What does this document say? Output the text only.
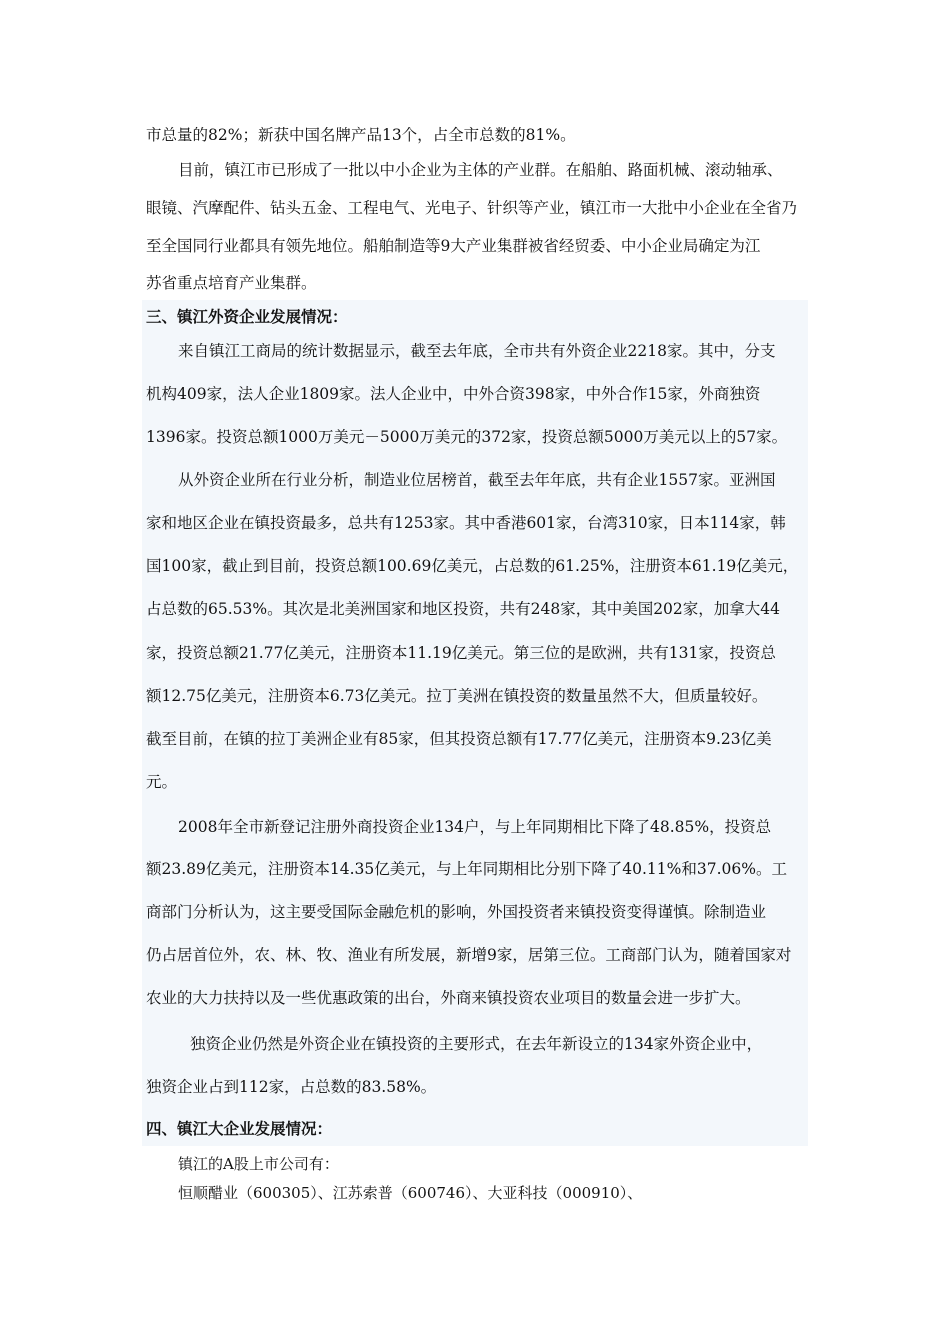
市总量的82%；新获中国名牌产品13个，占全市总数的81%。
目前，镇江市已形成了一批以中小企业为主体的产业群。在船舶、路面机械、滚动轴承、
眼镜、汽摩配件、钻头五金、工程电气、光电子、针织等产业，镇江市一大批中小企业在全省乃
至全国同行业都具有领先地位。船舶制造等9大产业集群被省经贸委、中小企业局确定为江
苏省重点培育产业集群。
三、镇江外资企业发展情况：
来自镇江工商局的统计数据显示，截至去年底，全市共有外资企业2218家。其中，分支
机构409家，法人企业1809家。法人企业中，中外合资398家，中外合作15家，外商独资
1396家。投资总额1000万美元－5000万美元的372家，投资总额5000万美元以上的57家。
从外资企业所在行业分析，制造业位居榜首，截至去年年底，共有企业1557家。亚洲国
家和地区企业在镇投资最多，总共有1253家。其中香港601家，台湾310家，日本114家，韩
国100家，截止到目前，投资总额100.69亿美元，占总数的61.25%，注册资本61.19亿美元，
占总数的65.53%。其次是北美洲国家和地区投资，共有248家，其中美国202家，加拿大44
家，投资总额21.77亿美元，注册资本11.19亿美元。第三位的是欧洲，共有131家，投资总
额12.75亿美元，注册资本6.73亿美元。拉丁美洲在镇投资的数量虽然不大，但质量较好。
截至目前，在镇的拉丁美洲企业有85家，但其投资总额有17.77亿美元，注册资本9.23亿美
元。
2008年全市新登记注册外商投资企业134户，与上年同期相比下降了48.85%，投资总
额23.89亿美元，注册资本14.35亿美元，与上年同期相比分别下降了40.11%和37.06%。工
商部门分析认为，这主要受国际金融危机的影响，外国投资者来镇投资变得谨慎。除制造业
仍占居首位外，农、林、牧、渔业有所发展，新增9家，居第三位。工商部门认为，随着国家对
农业的大力扶持以及一些优惠政策的出台，外商来镇投资农业项目的数量会进一步扩大。
独资企业仍然是外资企业在镇投资的主要形式，在去年新设立的134家外资企业中，
独资企业占到112家，占总数的83.58%。
四、镇江大企业发展情况：
镇江的A股上市公司有：
恒顺醋业（600305）、江苏索普（600746）、大亚科技（000910）、
